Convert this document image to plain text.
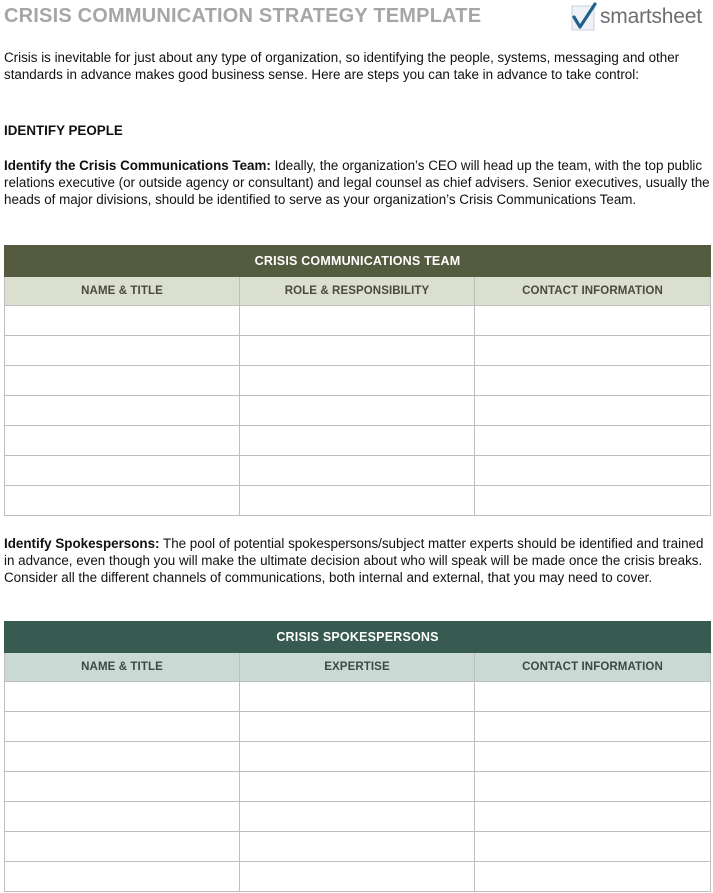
CRISIS COMMUNICATION STRATEGY TEMPLATE	smartsheet

Crisis is inevitable for just about any type of organization, so identifying the people, systems, messaging and other standards in advance makes good business sense. Here are steps you can take in advance to take control:

IDENTIFY PEOPLE

Identify the Crisis Communications Team: Ideally, the organization’s CEO will head up the team, with the top public relations executive (or outside agency or consultant) and legal counsel as chief advisers. Senior executives, usually the heads of major divisions, should be identified to serve as your organization’s Crisis Communications Team.

CRISIS COMMUNICATIONS TEAM		
NAME & TITLE	ROLE & RESPONSIBILITY	CONTACT INFORMATION

Identify Spokespersons: The pool of potential spokespersons/subject matter experts should be identified and trained in advance, even though you will make the ultimate decision about who will speak will be made once the crisis breaks. Consider all the different channels of communications, both internal and external, that you may need to cover.

CRISIS SPOKESPERSONS		
NAME & TITLE	EXPERTISE	CONTACT INFORMATION
